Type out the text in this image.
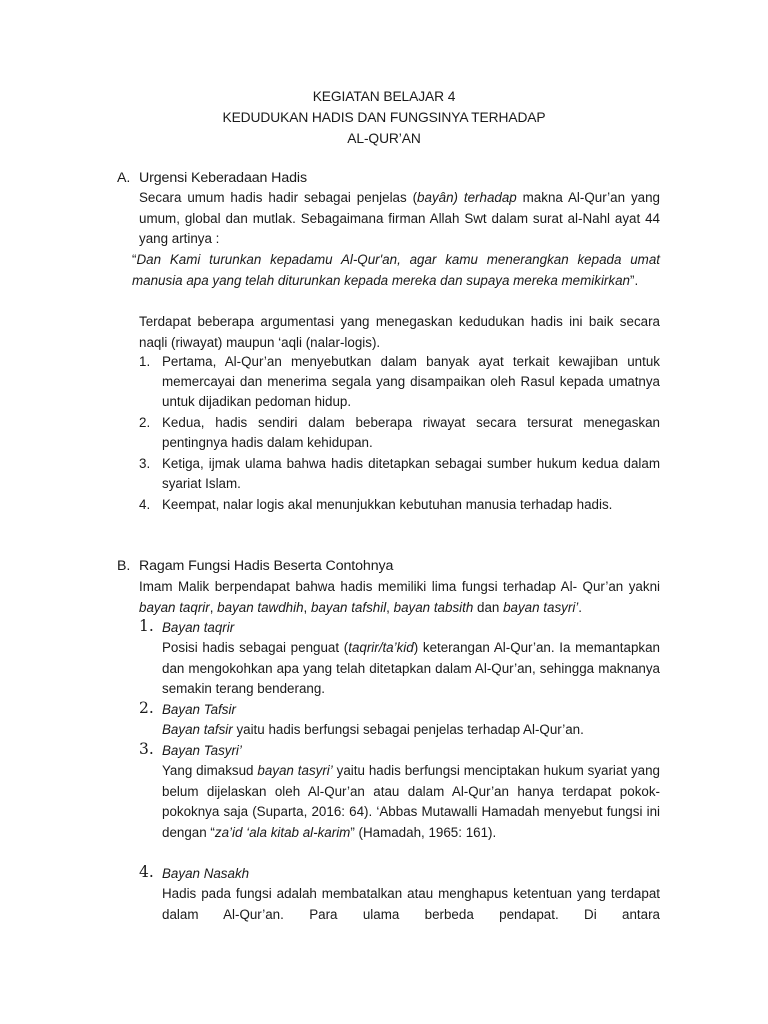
KEGIATAN BELAJAR 4
KEDUDUKAN HADIS DAN FUNGSINYA TERHADAP
AL-QUR’AN
A. Urgensi Keberadaan Hadis
Secara umum hadis hadir sebagai penjelas (bayân) terhadap makna Al-Qur’an yang umum, global dan mutlak. Sebagaimana firman Allah Swt dalam surat al-Nahl ayat 44 yang artinya :
“Dan Kami turunkan kepadamu Al-Qur'an, agar kamu menerangkan kepada umat manusia apa yang telah diturunkan kepada mereka dan supaya mereka memikirkan”.
Terdapat beberapa argumentasi yang menegaskan kedudukan hadis ini baik secara naqli (riwayat) maupun ‘aqli (nalar-logis).
1. Pertama, Al-Qur’an menyebutkan dalam banyak ayat terkait kewajiban untuk memercayai dan menerima segala yang disampaikan oleh Rasul kepada umatnya untuk dijadikan pedoman hidup.
2. Kedua, hadis sendiri dalam beberapa riwayat secara tersurat menegaskan pentingnya hadis dalam kehidupan.
3. Ketiga, ijmak ulama bahwa hadis ditetapkan sebagai sumber hukum kedua dalam syariat Islam.
4. Keempat, nalar logis akal menunjukkan kebutuhan manusia terhadap hadis.
B. Ragam Fungsi Hadis Beserta Contohnya
Imam Malik berpendapat bahwa hadis memiliki lima fungsi terhadap Al- Qur’an yakni bayan taqrir, bayan tawdhih, bayan tafshil, bayan tabsith dan bayan tasyri’.
1. Bayan taqrir
Posisi hadis sebagai penguat (taqrir/ta’kid) keterangan Al-Qur’an. Ia memantapkan dan mengokohkan apa yang telah ditetapkan dalam Al-Qur’an, sehingga maknanya semakin terang benderang.
2. Bayan Tafsir
Bayan tafsir yaitu hadis berfungsi sebagai penjelas terhadap Al-Qur’an.
3. Bayan Tasyri’
Yang dimaksud bayan tasyri’ yaitu hadis berfungsi menciptakan hukum syariat yang belum dijelaskan oleh Al-Qur’an atau dalam Al-Qur’an hanya terdapat pokok-pokoknya saja (Suparta, 2016: 64). ‘Abbas Mutawalli Hamadah menyebut fungsi ini dengan “za’id ‘ala kitab al-karim” (Hamadah, 1965: 161).
4. Bayan Nasakh
Hadis pada fungsi adalah membatalkan atau menghapus ketentuan yang terdapat dalam Al-Qur’an. Para ulama berbeda pendapat. Di antara
